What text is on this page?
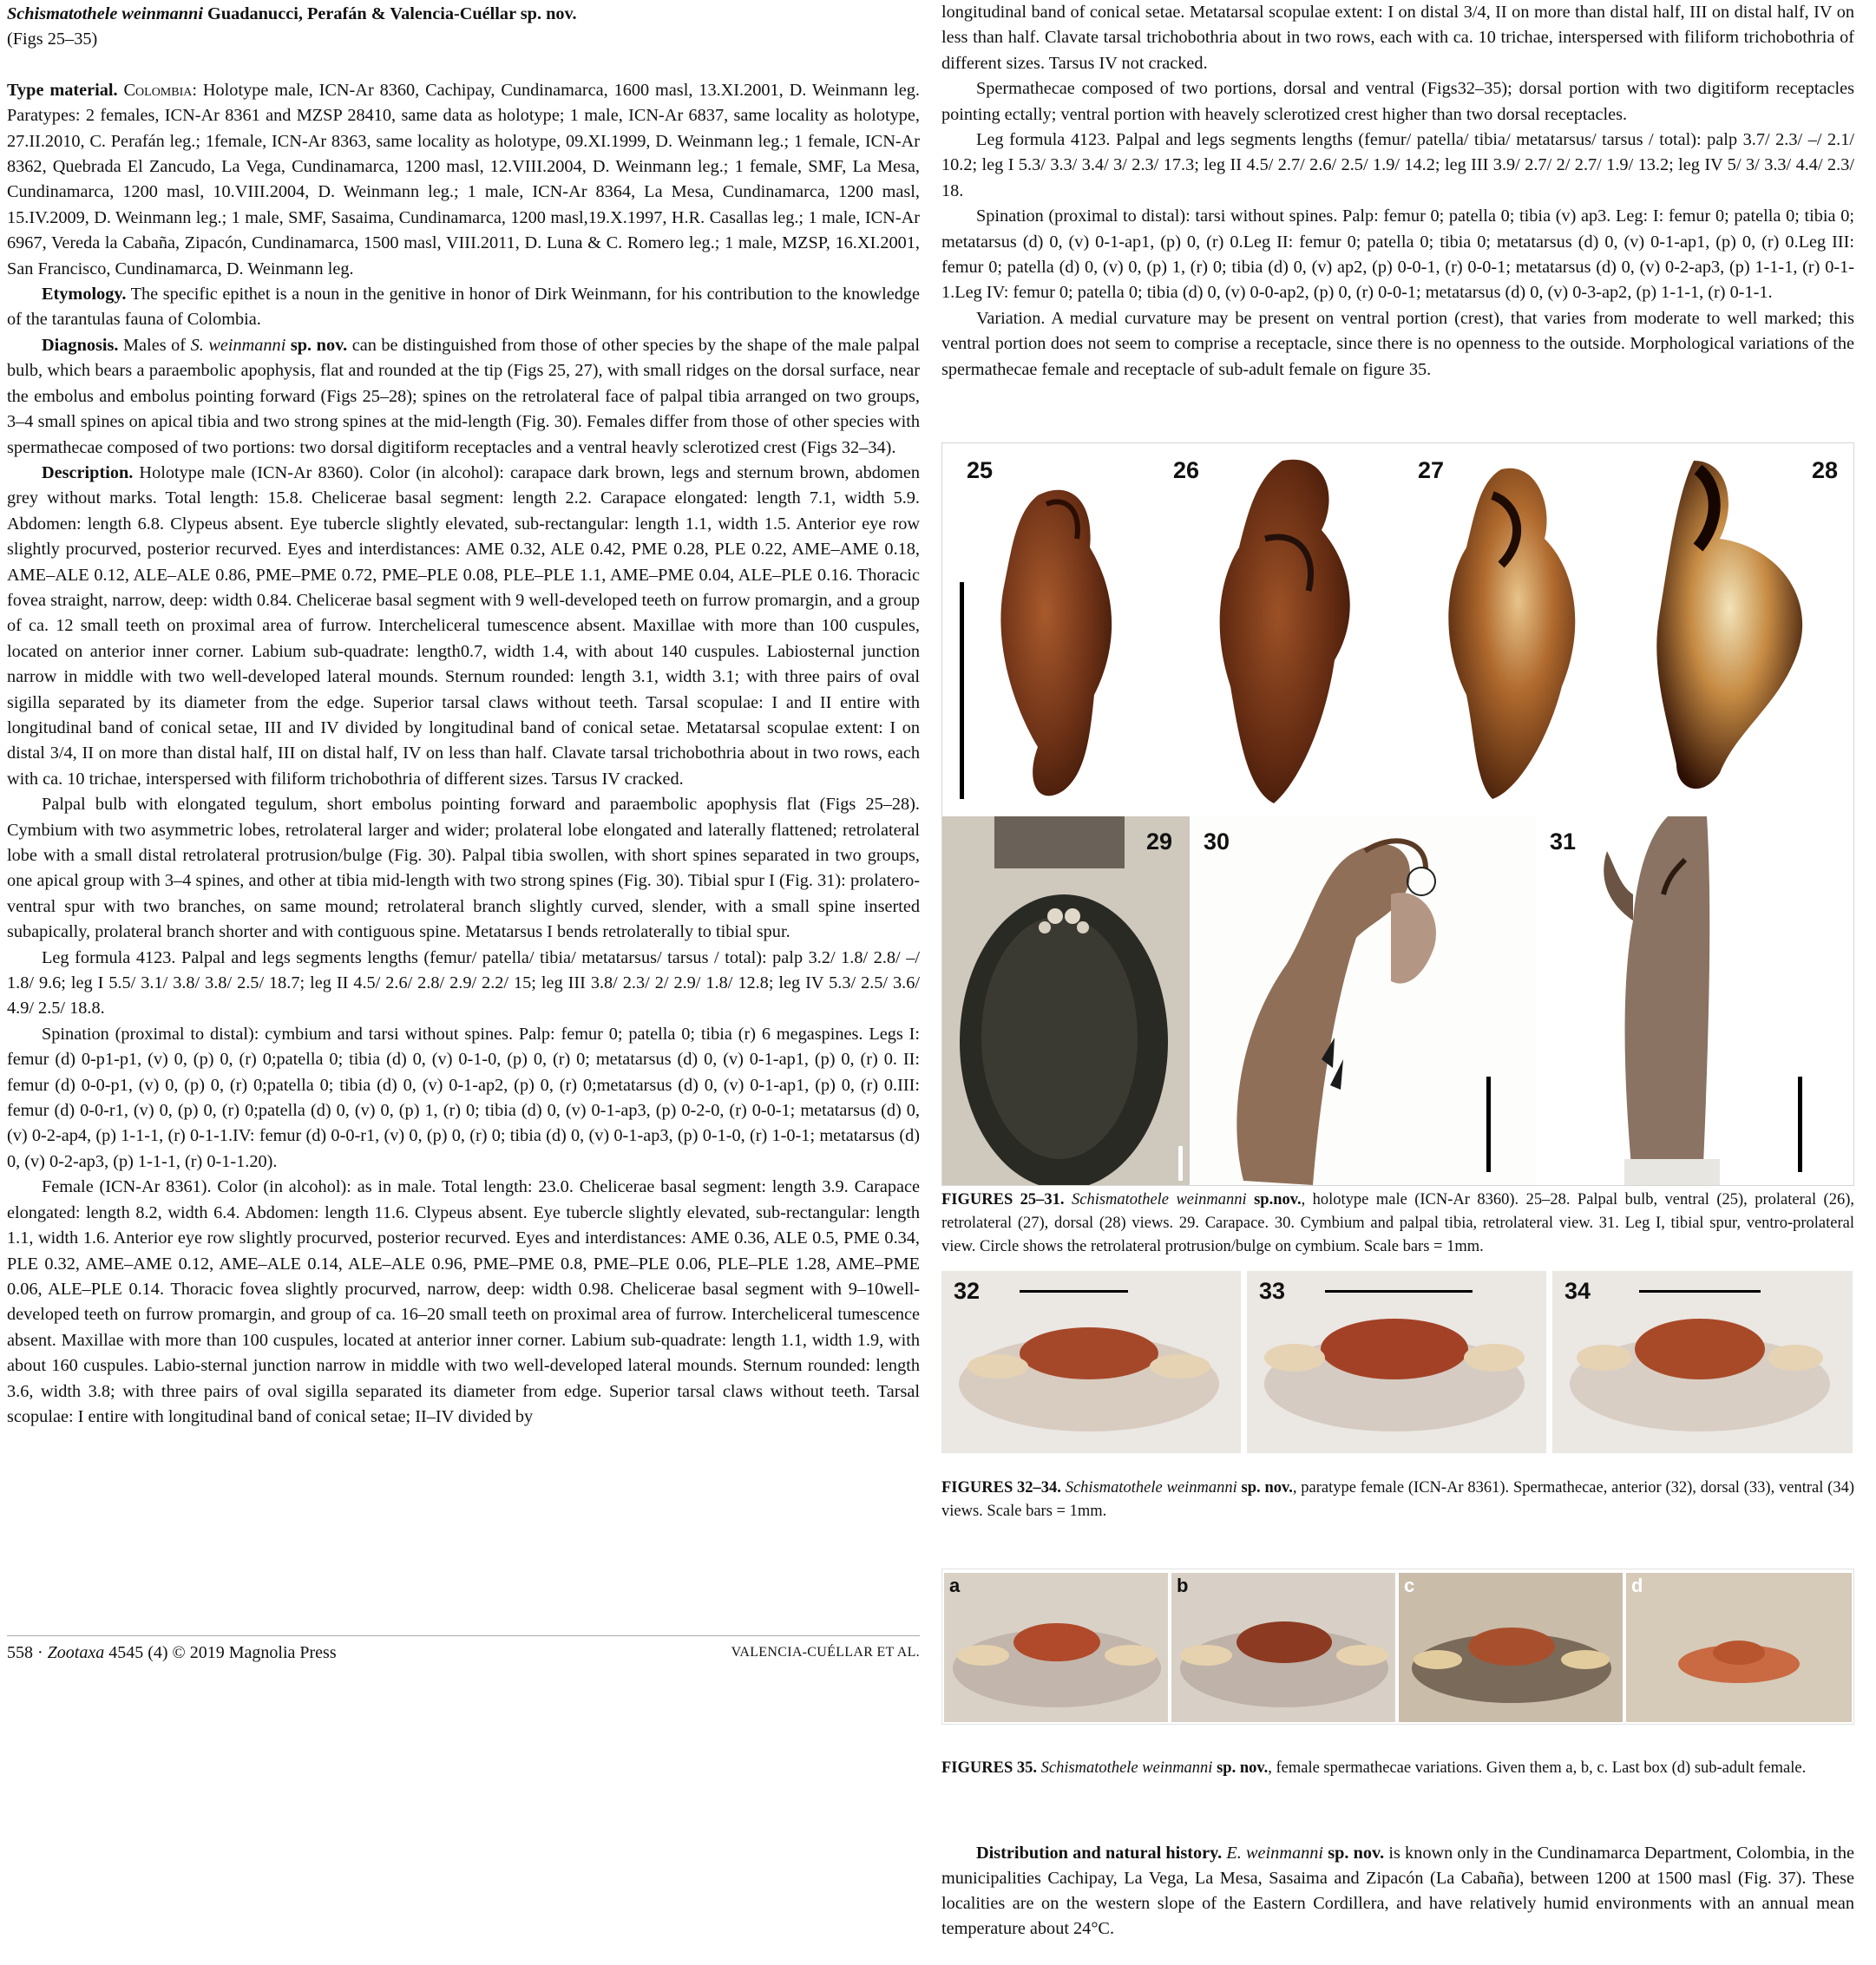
Schismatothele weinmanni Guadanucci, Perafán & Valencia-Cuéllar sp. nov.
(Figs 25–35)

Type material. Colombia: Holotype male, ICN-Ar 8360, Cachipay, Cundinamarca, 1600 masl, 13.XI.2001, D. Weinmann leg. Paratypes: 2 females, ICN-Ar 8361 and MZSP 28410, same data as holotype; 1 male, ICN-Ar 6837, same locality as holotype, 27.II.2010, C. Perafán leg.; 1female, ICN-Ar 8363, same locality as holotype, 09.XI.1999, D. Weinmann leg.; 1 female, ICN-Ar 8362, Quebrada El Zancudo, La Vega, Cundinamarca, 1200 masl, 12.VIII.2004, D. Weinmann leg.; 1 female, SMF, La Mesa, Cundinamarca, 1200 masl, 10.VIII.2004, D. Weinmann leg.; 1 male, ICN-Ar 8364, La Mesa, Cundinamarca, 1200 masl, 15.IV.2009, D. Weinmann leg.; 1 male, SMF, Sasaima, Cundinamarca, 1200 masl,19.X.1997, H.R. Casallas leg.; 1 male, ICN-Ar 6967, Vereda la Cabaña, Zipacón, Cundinamarca, 1500 masl, VIII.2011, D. Luna & C. Romero leg.; 1 male, MZSP, 16.XI.2001, San Francisco, Cundinamarca, D. Weinmann leg.

Etymology. The specific epithet is a noun in the genitive in honor of Dirk Weinmann, for his contribution to the knowledge of the tarantulas fauna of Colombia.

Diagnosis. Males of S. weinmanni sp. nov. can be distinguished from those of other species by the shape of the male palpal bulb, which bears a paraembolic apophysis, flat and rounded at the tip (Figs 25, 27), with small ridges on the dorsal surface, near the embolus and embolus pointing forward (Figs 25–28); spines on the retrolateral face of palpal tibia arranged on two groups, 3–4 small spines on apical tibia and two strong spines at the mid-length (Fig. 30). Females differ from those of other species with spermathecae composed of two portions: two dorsal digitiform receptacles and a ventral heavly sclerotized crest (Figs 32–34).

Description. Holotype male (ICN-Ar 8360). Color (in alcohol): carapace dark brown, legs and sternum brown, abdomen grey without marks. Total length: 15.8. Chelicerae basal segment: length 2.2. Carapace elongated: length 7.1, width 5.9. Abdomen: length 6.8. Clypeus absent. Eye tubercle slightly elevated, sub-rectangular: length 1.1, width 1.5. Anterior eye row slightly procurved, posterior recurved. Eyes and interdistances: AME 0.32, ALE 0.42, PME 0.28, PLE 0.22, AME–AME 0.18, AME–ALE 0.12, ALE–ALE 0.86, PME–PME 0.72, PME–PLE 0.08, PLE–PLE 1.1, AME–PME 0.04, ALE–PLE 0.16. Thoracic fovea straight, narrow, deep: width 0.84. Chelicerae basal segment with 9 well-developed teeth on furrow promargin, and a group of ca. 12 small teeth on proximal area of furrow. Intercheliceral tumescence absent. Maxillae with more than 100 cuspules, located on anterior inner corner. Labium sub-quadrate: length0.7, width 1.4, with about 140 cuspules. Labiosternal junction narrow in middle with two well-developed lateral mounds. Sternum rounded: length 3.1, width 3.1; with three pairs of oval sigilla separated by its diameter from the edge. Superior tarsal claws without teeth. Tarsal scopulae: I and II entire with longitudinal band of conical setae, III and IV divided by longitudinal band of conical setae. Metatarsal scopulae extent: I on distal 3/4, II on more than distal half, III on distal half, IV on less than half. Clavate tarsal trichobothria about in two rows, each with ca. 10 trichae, interspersed with filiform trichobothria of different sizes. Tarsus IV cracked.

Palpal bulb with elongated tegulum, short embolus pointing forward and paraembolic apophysis flat (Figs 25–28). Cymbium with two asymmetric lobes, retrolateral larger and wider; prolateral lobe elongated and laterally flattened; retrolateral lobe with a small distal retrolateral protrusion/bulge (Fig. 30). Palpal tibia swollen, with short spines separated in two groups, one apical group with 3–4 spines, and other at tibia mid-length with two strong spines (Fig. 30). Tibial spur I (Fig. 31): prolatero-ventral spur with two branches, on same mound; retrolateral branch slightly curved, slender, with a small spine inserted subapically, prolateral branch shorter and with contiguous spine. Metatarsus I bends retrolaterally to tibial spur.

Leg formula 4123. Palpal and legs segments lengths (femur/ patella/ tibia/ metatarsus/ tarsus / total): palp 3.2/ 1.8/ 2.8/ –/ 1.8/ 9.6; leg I 5.5/ 3.1/ 3.8/ 3.8/ 2.5/ 18.7; leg II 4.5/ 2.6/ 2.8/ 2.9/ 2.2/ 15; leg III 3.8/ 2.3/ 2/ 2.9/ 1.8/ 12.8; leg IV 5.3/ 2.5/ 3.6/ 4.9/ 2.5/ 18.8.

Spination (proximal to distal): cymbium and tarsi without spines. Palp: femur 0; patella 0; tibia (r) 6 megaspines. Legs I: femur (d) 0-p1-p1, (v) 0, (p) 0, (r) 0;patella 0; tibia (d) 0, (v) 0-1-0, (p) 0, (r) 0; metatarsus (d) 0, (v) 0-1-ap1, (p) 0, (r) 0. II: femur (d) 0-0-p1, (v) 0, (p) 0, (r) 0;patella 0; tibia (d) 0, (v) 0-1-ap2, (p) 0, (r) 0;metatarsus (d) 0, (v) 0-1-ap1, (p) 0, (r) 0.III: femur (d) 0-0-r1, (v) 0, (p) 0, (r) 0;patella (d) 0, (v) 0, (p) 1, (r) 0; tibia (d) 0, (v) 0-1-ap3, (p) 0-2-0, (r) 0-0-1; metatarsus (d) 0, (v) 0-2-ap4, (p) 1-1-1, (r) 0-1-1.IV: femur (d) 0-0-r1, (v) 0, (p) 0, (r) 0; tibia (d) 0, (v) 0-1-ap3, (p) 0-1-0, (r) 1-0-1; metatarsus (d) 0, (v) 0-2-ap3, (p) 1-1-1, (r) 0-1-1.20).

Female (ICN-Ar 8361). Color (in alcohol): as in male. Total length: 23.0. Chelicerae basal segment: length 3.9. Carapace elongated: length 8.2, width 6.4. Abdomen: length 11.6. Clypeus absent. Eye tubercle slightly elevated, sub-rectangular: length 1.1, width 1.6. Anterior eye row slightly procurved, posterior recurved. Eyes and interdistances: AME 0.36, ALE 0.5, PME 0.34, PLE 0.32, AME–AME 0.12, AME–ALE 0.14, ALE–ALE 0.96, PME–PME 0.8, PME–PLE 0.06, PLE–PLE 1.28, AME–PME 0.06, ALE–PLE 0.14. Thoracic fovea slightly procurved, narrow, deep: width 0.98. Chelicerae basal segment with 9–10well-developed teeth on furrow promargin, and group of ca. 16–20 small teeth on proximal area of furrow. Intercheliceral tumescence absent. Maxillae with more than 100 cuspules, located at anterior inner corner. Labium sub-quadrate: length 1.1, width 1.9, with about 160 cuspules. Labio-sternal junction narrow in middle with two well-developed lateral mounds. Sternum rounded: length 3.6, width 3.8; with three pairs of oval sigilla separated its diameter from edge. Superior tarsal claws without teeth. Tarsal scopulae: I entire with longitudinal band of conical setae; II–IV divided by

558 · Zootaxa 4545 (4) © 2019 Magnolia Press	VALENCIA-CUÉLLAR ET AL.

longitudinal band of conical setae. Metatarsal scopulae extent: I on distal 3/4, II on more than distal half, III on distal half, IV on less than half. Clavate tarsal trichobothria about in two rows, each with ca. 10 trichae, interspersed with filiform trichobothria of different sizes. Tarsus IV not cracked.

Spermathecae composed of two portions, dorsal and ventral (Figs32–35); dorsal portion with two digitiform receptacles pointing ectally; ventral portion with heavely sclerotized crest higher than two dorsal receptacles.

Leg formula 4123. Palpal and legs segments lengths (femur/ patella/ tibia/ metatarsus/ tarsus / total): palp 3.7/ 2.3/ –/ 2.1/ 10.2; leg I 5.3/ 3.3/ 3.4/ 3/ 2.3/ 17.3; leg II 4.5/ 2.7/ 2.6/ 2.5/ 1.9/ 14.2; leg III 3.9/ 2.7/ 2/ 2.7/ 1.9/ 13.2; leg IV 5/ 3/ 3.3/ 4.4/ 2.3/ 18.

Spination (proximal to distal): tarsi without spines. Palp: femur 0; patella 0; tibia (v) ap3. Leg: I: femur 0; patella 0; tibia 0; metatarsus (d) 0, (v) 0-1-ap1, (p) 0, (r) 0.Leg II: femur 0; patella 0; tibia 0; metatarsus (d) 0, (v) 0-1-ap1, (p) 0, (r) 0.Leg III: femur 0; patella (d) 0, (v) 0, (p) 1, (r) 0; tibia (d) 0, (v) ap2, (p) 0-0-1, (r) 0-0-1; metatarsus (d) 0, (v) 0-2-ap3, (p) 1-1-1, (r) 0-1-1.Leg IV: femur 0; patella 0; tibia (d) 0, (v) 0-0-ap2, (p) 0, (r) 0-0-1; metatarsus (d) 0, (v) 0-3-ap2, (p) 1-1-1, (r) 0-1-1.

Variation. A medial curvature may be present on ventral portion (crest), that varies from moderate to well marked; this ventral portion does not seem to comprise a receptacle, since there is no openness to the outside. Morphological variations of the spermathecae female and receptacle of sub-adult female on figure 35.

25	26	27	28
29 30	31
FIGURES 25–31. Schismatothele weinmanni sp.nov., holotype male (ICN-Ar 8360). 25–28. Palpal bulb, ventral (25), prolateral (26), retrolateral (27), dorsal (28) views. 29. Carapace. 30. Cymbium and palpal tibia, retrolateral view. 31. Leg I, tibial spur, ventro-prolateral view. Circle shows the retrolateral protrusion/bulge on cymbium. Scale bars = 1mm.
32	33	34
FIGURES 32–34. Schismatothele weinmanni sp. nov., paratype female (ICN-Ar 8361). Spermathecae, anterior (32), dorsal (33), ventral (34) views. Scale bars = 1mm.
a	b	c	d
FIGURES 35. Schismatothele weinmanni sp. nov., female spermathecae variations. Given them a, b, c. Last box (d) sub-adult female.
Distribution and natural history. E. weinmanni sp. nov. is known only in the Cundinamarca Department, Colombia, in the municipalities Cachipay, La Vega, La Mesa, Sasaima and Zipacón (La Cabaña), between 1200 at 1500 masl (Fig. 37). These localities are on the western slope of the Eastern Cordillera, and have relatively humid environments with an annual mean temperature about 24°C.
